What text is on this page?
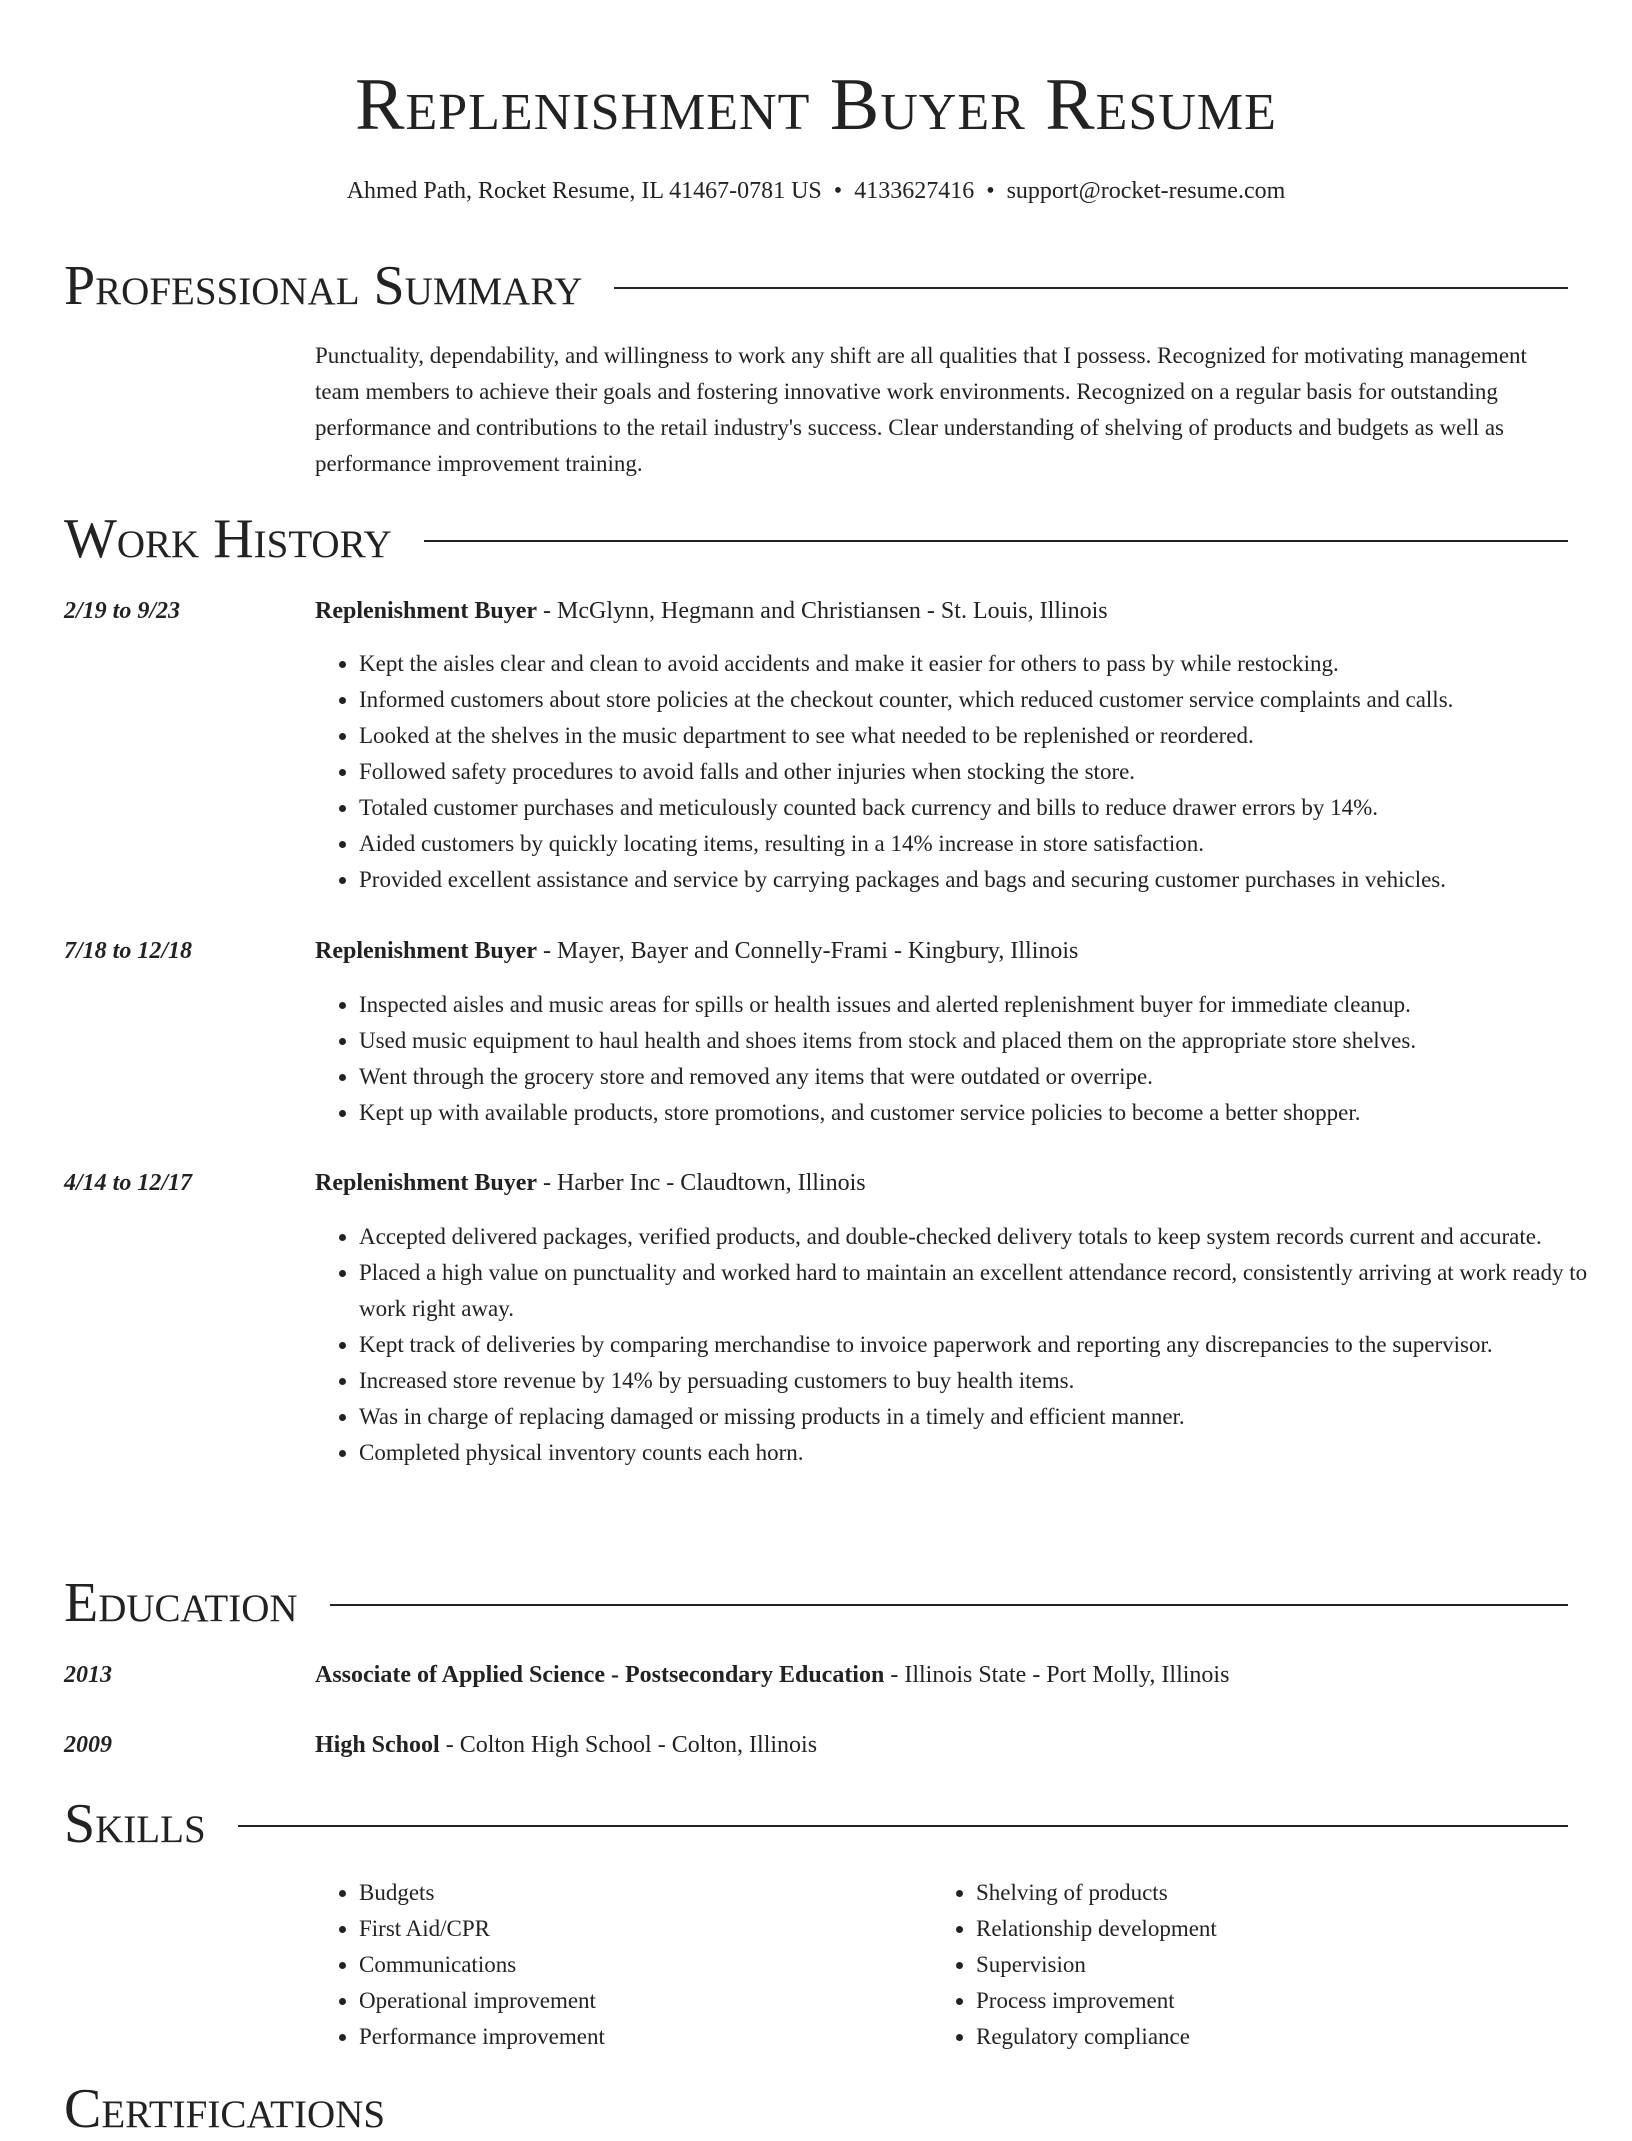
Replenishment Buyer Resume
Ahmed Path, Rocket Resume, IL 41467-0781 US • 4133627416 • support@rocket-resume.com
Professional Summary
Punctuality, dependability, and willingness to work any shift are all qualities that I possess. Recognized for motivating management team members to achieve their goals and fostering innovative work environments. Recognized on a regular basis for outstanding performance and contributions to the retail industry's success. Clear understanding of shelving of products and budgets as well as performance improvement training.
Work History
2/19 to 9/23	Replenishment Buyer - McGlynn, Hegmann and Christiansen - St. Louis, Illinois
• Kept the aisles clear and clean to avoid accidents and make it easier for others to pass by while restocking.
• Informed customers about store policies at the checkout counter, which reduced customer service complaints and calls.
• Looked at the shelves in the music department to see what needed to be replenished or reordered.
• Followed safety procedures to avoid falls and other injuries when stocking the store.
• Totaled customer purchases and meticulously counted back currency and bills to reduce drawer errors by 14%.
• Aided customers by quickly locating items, resulting in a 14% increase in store satisfaction.
• Provided excellent assistance and service by carrying packages and bags and securing customer purchases in vehicles.
7/18 to 12/18	Replenishment Buyer - Mayer, Bayer and Connelly-Frami - Kingbury, Illinois
• Inspected aisles and music areas for spills or health issues and alerted replenishment buyer for immediate cleanup.
• Used music equipment to haul health and shoes items from stock and placed them on the appropriate store shelves.
• Went through the grocery store and removed any items that were outdated or overripe.
• Kept up with available products, store promotions, and customer service policies to become a better shopper.
4/14 to 12/17	Replenishment Buyer - Harber Inc - Claudtown, Illinois
• Accepted delivered packages, verified products, and double-checked delivery totals to keep system records current and accurate.
• Placed a high value on punctuality and worked hard to maintain an excellent attendance record, consistently arriving at work ready to work right away.
• Kept track of deliveries by comparing merchandise to invoice paperwork and reporting any discrepancies to the supervisor.
• Increased store revenue by 14% by persuading customers to buy health items.
• Was in charge of replacing damaged or missing products in a timely and efficient manner.
• Completed physical inventory counts each horn.
Education
2013	Associate of Applied Science - Postsecondary Education - Illinois State - Port Molly, Illinois
2009	High School - Colton High School - Colton, Illinois
Skills
• Budgets
• First Aid/CPR
• Communications
• Operational improvement
• Performance improvement
• Shelving of products
• Relationship development
• Supervision
• Process improvement
• Regulatory compliance
Certifications
